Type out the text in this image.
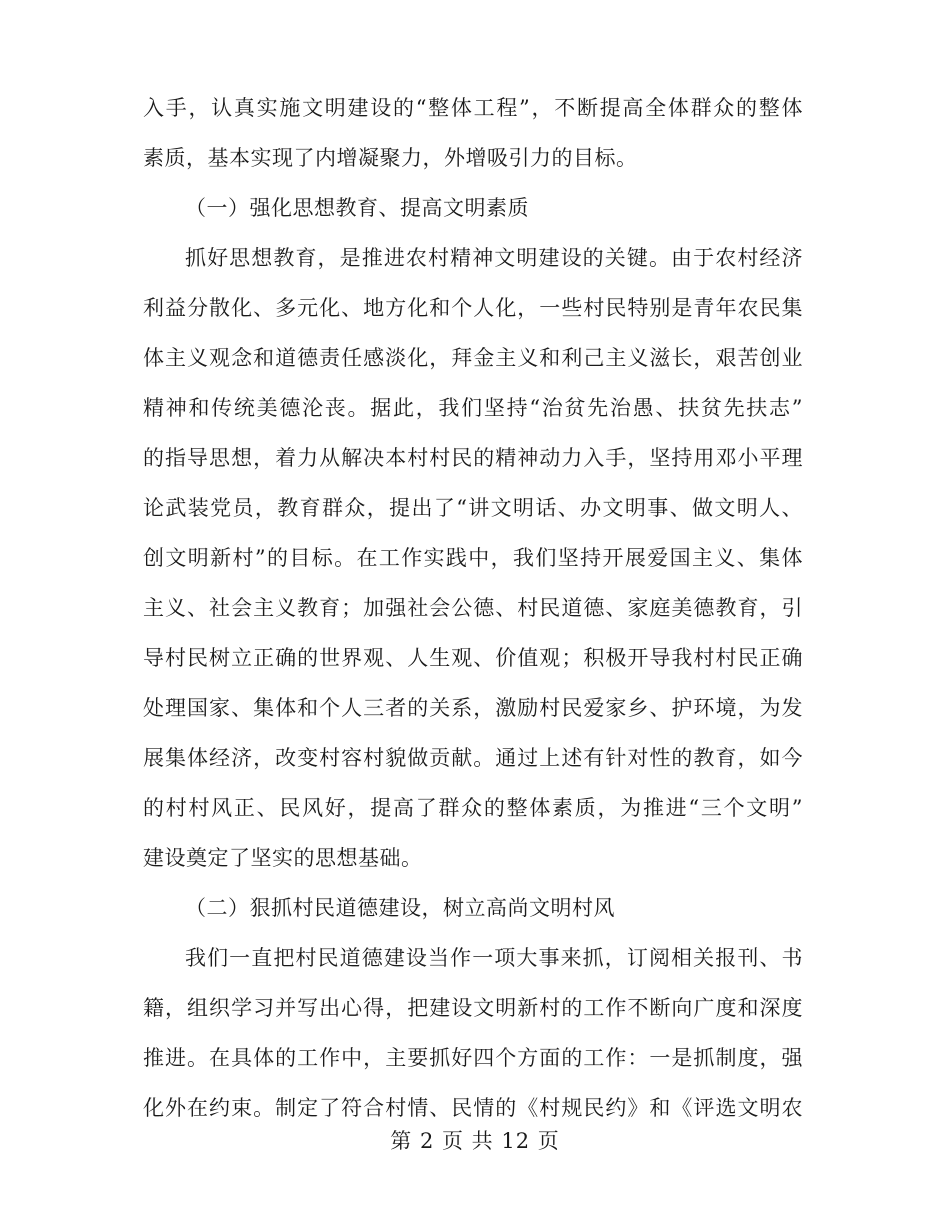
入手，认真实施文明建设的“整体工程”，不断提高全体群众的整体
素质，基本实现了内增凝聚力，外增吸引力的目标。
（一）强化思想教育、提高文明素质
抓好思想教育，是推进农村精神文明建设的关键。由于农村经济
利益分散化、多元化、地方化和个人化，一些村民特别是青年农民集
体主义观念和道德责任感淡化，拜金主义和利己主义滋长，艰苦创业
精神和传统美德沦丧。据此，我们坚持“治贫先治愚、扶贫先扶志”
的指导思想，着力从解决本村村民的精神动力入手，坚持用邓小平理
论武装党员，教育群众，提出了“讲文明话、办文明事、做文明人、
创文明新村”的目标。在工作实践中，我们坚持开展爱国主义、集体
主义、社会主义教育；加强社会公德、村民道德、家庭美德教育，引
导村民树立正确的世界观、人生观、价值观；积极开导我村村民正确
处理国家、集体和个人三者的关系，激励村民爱家乡、护环境，为发
展集体经济，改变村容村貌做贡献。通过上述有针对性的教育，如今
的村村风正、民风好，提高了群众的整体素质，为推进“三个文明”
建设奠定了坚实的思想基础。
（二）狠抓村民道德建设，树立高尚文明村风
我们一直把村民道德建设当作一项大事来抓，订阅相关报刊、书
籍，组织学习并写出心得，把建设文明新村的工作不断向广度和深度
推进。在具体的工作中，主要抓好四个方面的工作：一是抓制度，强
化外在约束。制定了符合村情、民情的《村规民约》和《评选文明农
第 2 页 共 12 页
